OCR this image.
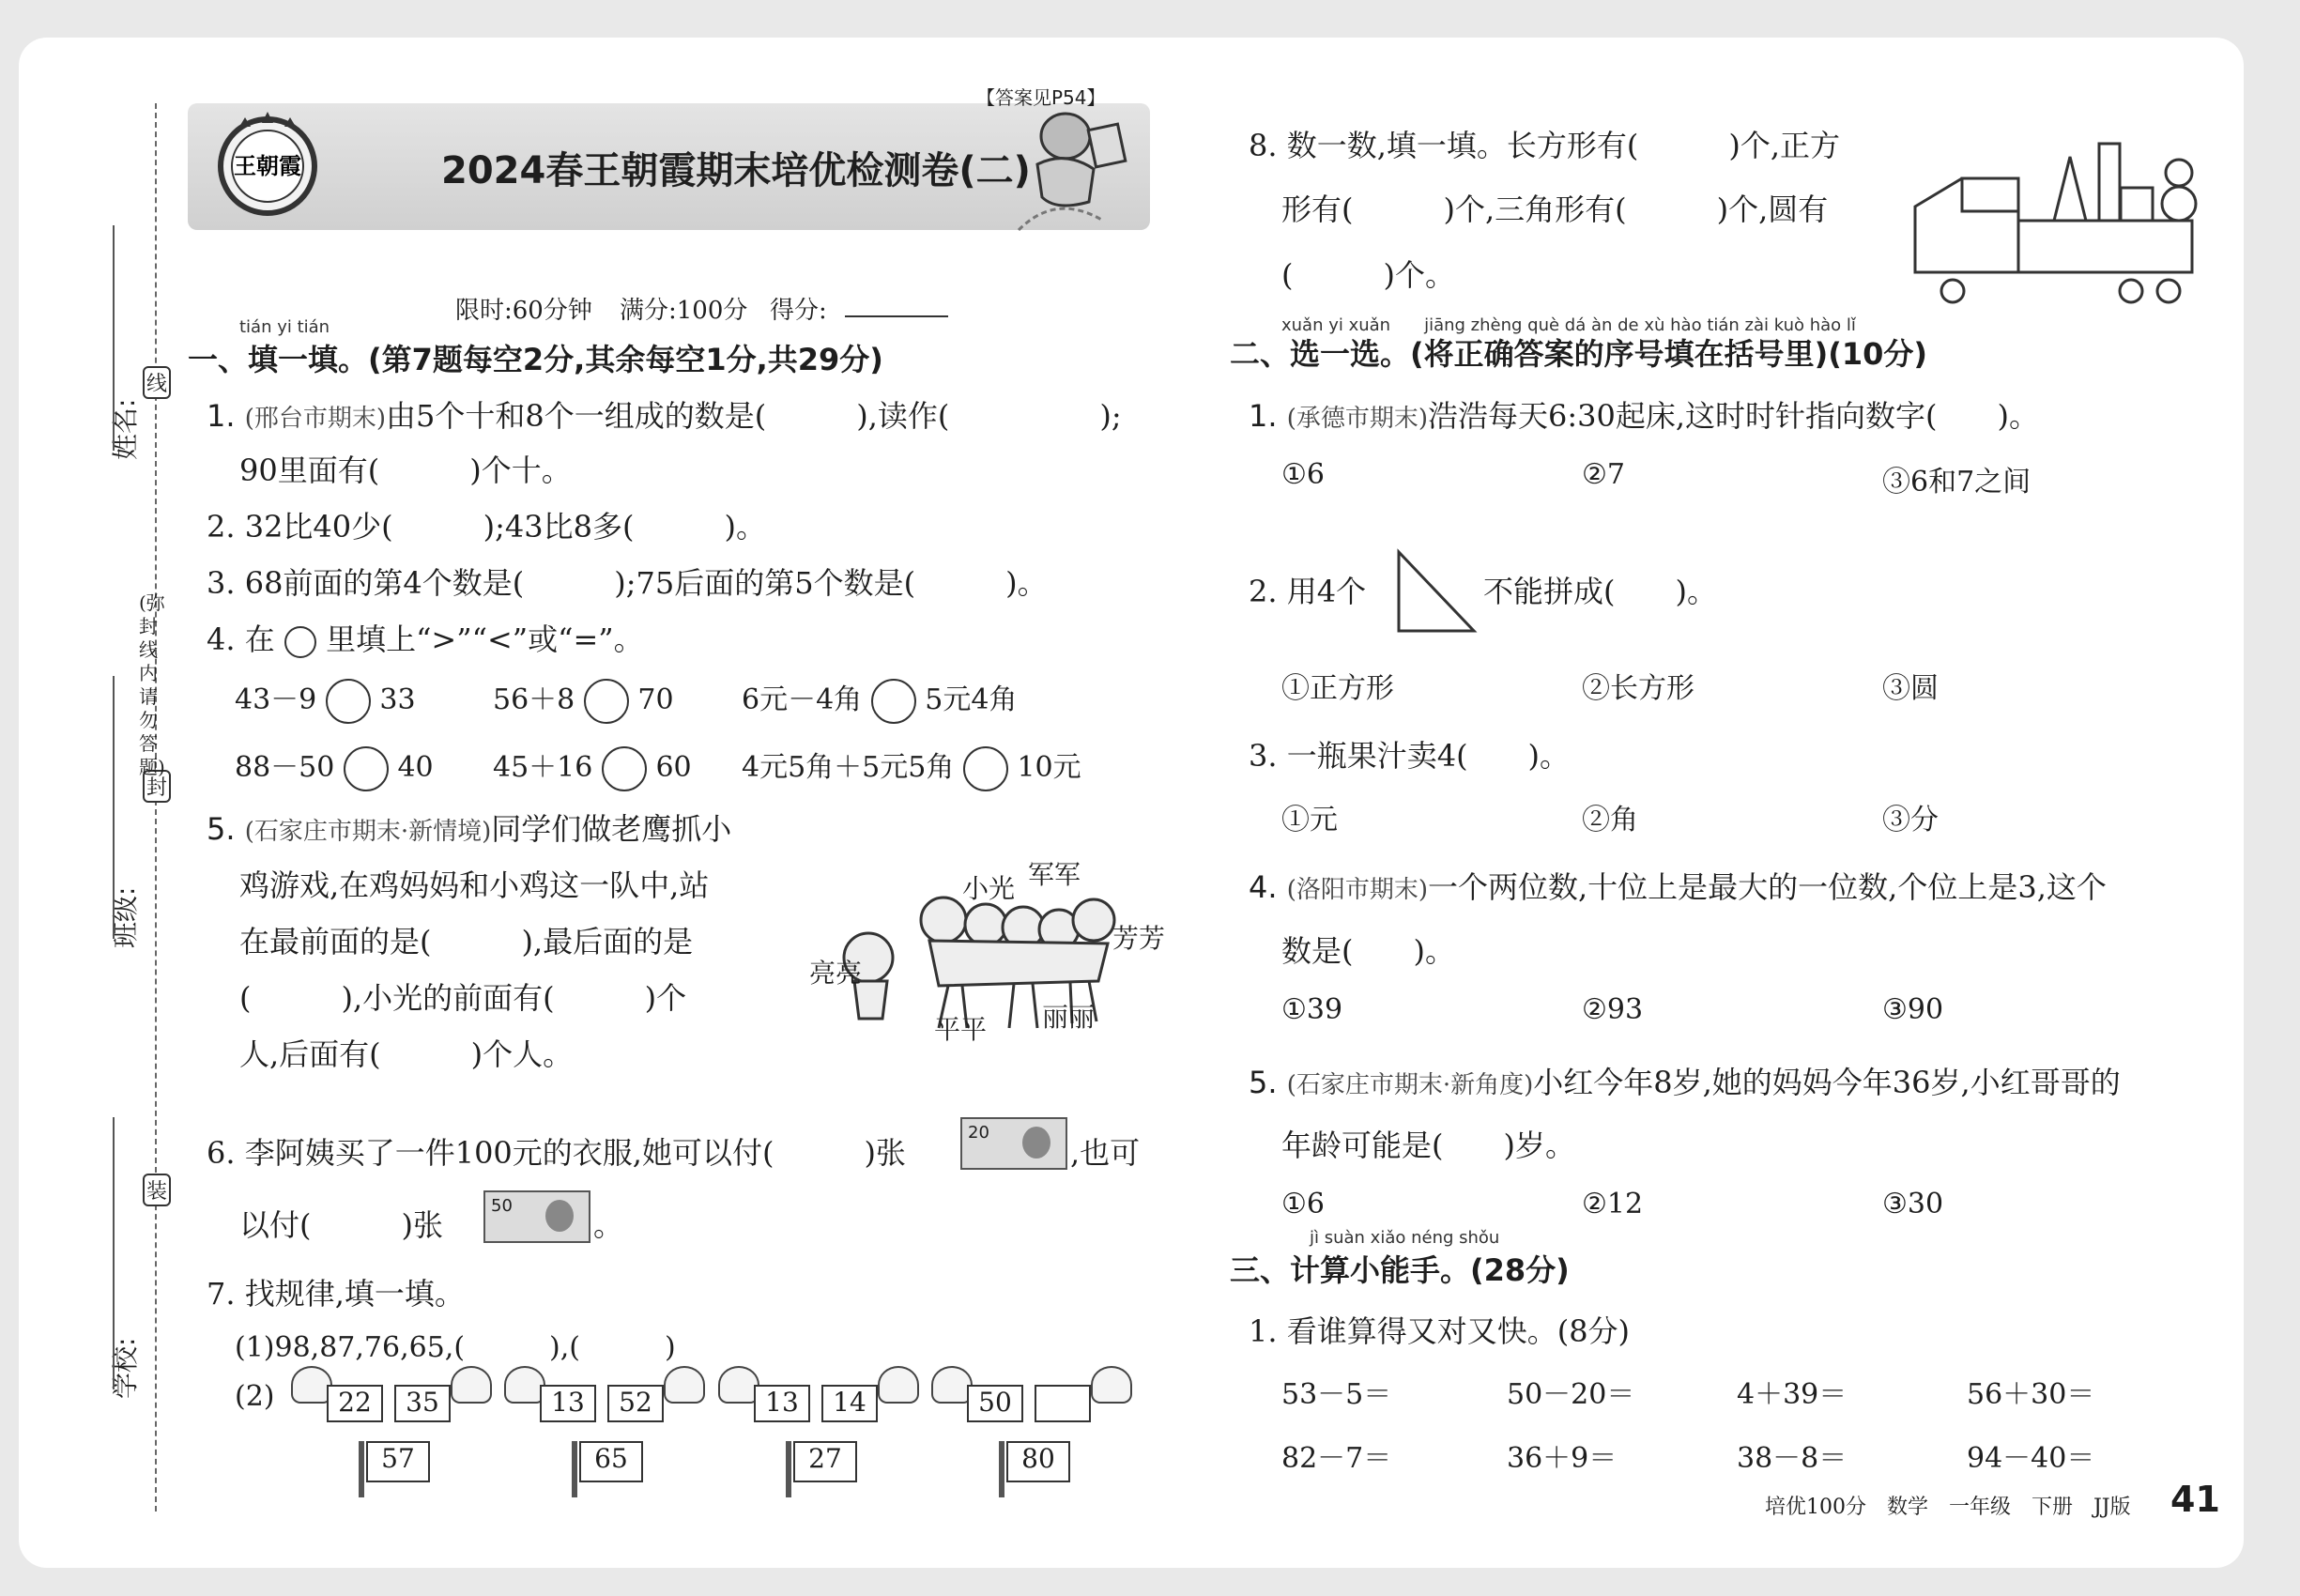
姓名:
班级:
学校:
线
封
装
(弥封线内请勿答题)
王朝霞	2024春王朝霞期末培优检测卷(二)
【答案见P54】
限时:60分钟 满分:100分 得分:
tián yi tián
一、填一填。(第7题每空2分,其余每空1分,共29分)
1. (邢台市期末)由5个十和8个一组成的数是(　　　),读作(　　　　　);
90里面有(　　　)个十。
2. 32比40少(　　　);43比8多(　　　)。
3. 68前面的第4个数是(　　　);75后面的第5个数是(　　　)。
4. 在 里填上“>”“<”或“=”。
43－9 33	56＋8 70 6元－4角 5元4角
88－50 40 45＋16 60 4元5角＋5元5角 10元
5. (石家庄市期末·新情境)同学们做老鹰抓小
鸡游戏,在鸡妈妈和小鸡这一队中,站
在最前面的是(　　　),最后面的是
(　　　),小光的前面有(　　　)个
人,后面有(　　　)个人。
小光 军军
芳芳
亮亮
平平 丽丽
6. 李阿姨买了一件100元的衣服,她可以付(　　　)张
20
,也可
以付(　　　)张
50
。
7. 找规律,填一填。
(1)98,87,76,65,(　　　),(　　　)
(2)	22	35
57
13	52
65
13	14
27
50
80
8. 数一数,填一填。长方形有(　　　)个,正方
形有(　　　)个,三角形有(　　　)个,圆有
(　　　)个。
xuǎn yi xuǎn　　jiāng zhèng què dá àn de xù hào tián zài kuò hào lǐ
二、选一选。(将正确答案的序号填在括号里)(10分)
1. (承德市期末)浩浩每天6:30起床,这时时针指向数字(　　)。
①6	②7	③6和7之间
2. 用4个	不能拼成(　　)。
①正方形	②长方形	③圆
3. 一瓶果汁卖4(　　)。
①元	②角	③分
4. (洛阳市期末)一个两位数,十位上是最大的一位数,个位上是3,这个
数是(　　)。
①39	②93	③90
5. (石家庄市期末·新角度)小红今年8岁,她的妈妈今年36岁,小红哥哥的
年龄可能是(　　)岁。
①6	②12	③30
jì suàn xiǎo néng shǒu
三、计算小能手。(28分)
1. 看谁算得又对又快。(8分)
53－5＝	50－20＝	4＋39＝	56＋30＝
82－7＝	36＋9＝	38－8＝	94－40＝
培优100分　数学　一年级　下册　JJ版 41
